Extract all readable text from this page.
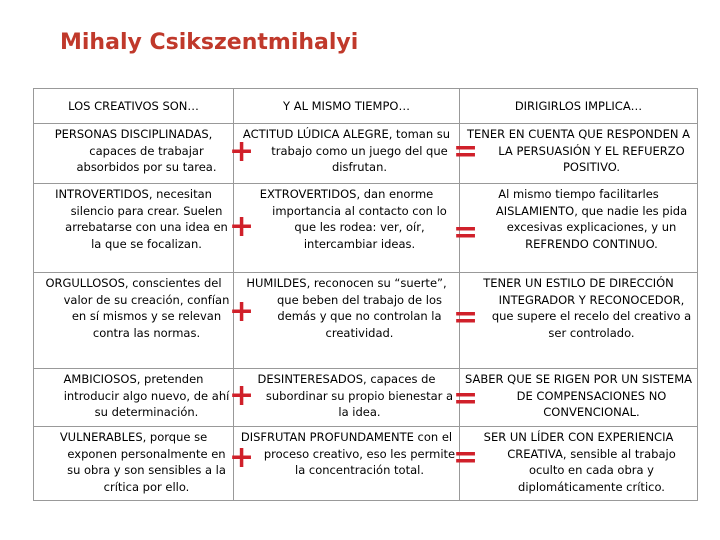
Mihaly Csikszentmihalyi
LOS CREATIVOS SON…	Y AL MISMO TIEMPO…	DIRIGIRLOS IMPLICA…

PERSONAS DISCIPLINADAS, capaces de trabajar absorbidos por su tarea.	ACTITUD LÚDICA ALEGRE, toman su trabajo como un juego del que disfrutan.	TENER EN CUENTA QUE RESPONDEN A LA PERSUASIÓN Y EL REFUERZO POSITIVO.

INTROVERTIDOS, necesitan silencio para crear. Suelen arrebatarse con una idea en la que se focalizan.	EXTROVERTIDOS, dan enorme importancia al contacto con lo que les rodea: ver, oír, intercambiar ideas.	Al mismo tiempo facilitarles AISLAMIENTO, que nadie les pida excesivas explicaciones, y un REFRENDO CONTINUO.

ORGULLOSOS, conscientes del valor de su creación, confían en sí mismos y se relevan contra las normas.	HUMILDES, reconocen su “suerte”, que beben del trabajo de los demás y que no controlan la creatividad.	TENER UN ESTILO DE DIRECCIÓN INTEGRADOR Y RECONOCEDOR, que supere el recelo del creativo a ser controlado.

AMBICIOSOS, pretenden introducir algo nuevo, de ahí su determinación.	DESINTERESADOS, capaces de subordinar su propio bienestar a la idea.	SABER QUE SE RIGEN POR UN SISTEMA DE COMPENSACIONES NO CONVENCIONAL.

VULNERABLES, porque se exponen personalmente en su obra y son sensibles a la crítica por ello.	DISFRUTAN PROFUNDAMENTE con el proceso creativo, eso les permite la concentración total.	SER UN LÍDER CON EXPERIENCIA CREATIVA, sensible al trabajo oculto en cada obra y diplomáticamente crítico.
+	=
+	=
+	=
+	=
+	=
